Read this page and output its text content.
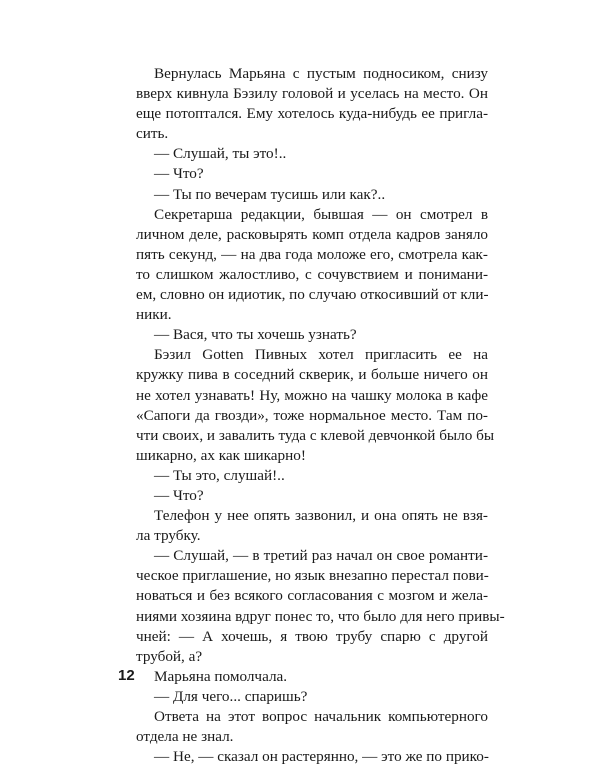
Вернулась Марьяна с пустым подносиком, снизу
вверх кивнула Бэзилу головой и уселась на место. Он
еще потоптался. Ему хотелось куда-нибудь ее пригла-
сить.
— Слушай, ты это!..
— Что?
— Ты по вечерам тусишь или как?..
Секретарша редакции, бывшая — он смотрел в
личном деле, расковырять комп отдела кадров заняло
пять секунд, — на два года моложе его, смотрела как-
то слишком жалостливо, с сочувствием и понимани-
ем, словно он идиотик, по случаю откосивший от кли-
ники.
— Вася, что ты хочешь узнать?
Бэзил Gotten Пивных хотел пригласить ее на
кружку пива в соседний скверик, и больше ничего он
не хотел узнавать! Ну, можно на чашку молока в кафе
«Сапоги да гвозди», тоже нормальное место. Там по-
чти своих, и завалить туда с клевой девчонкой было бы
шикарно, ах как шикарно!
— Ты это, слушай!..
— Что?
Телефон у нее опять зазвонил, и она опять не взя-
ла трубку.
— Слушай, — в третий раз начал он свое романти-
ческое приглашение, но язык внезапно перестал пови-
новаться и без всякого согласования с мозгом и жела-
ниями хозяина вдруг понес то, что было для него привы-
чней: — А хочешь, я твою трубу спарю с другой
трубой, а?
Марьяна помолчала.
— Для чего... спаришь?
Ответа на этот вопрос начальник компьютерного
отдела не знал.
— Не, — сказал он растерянно, — это же по прико-
12
